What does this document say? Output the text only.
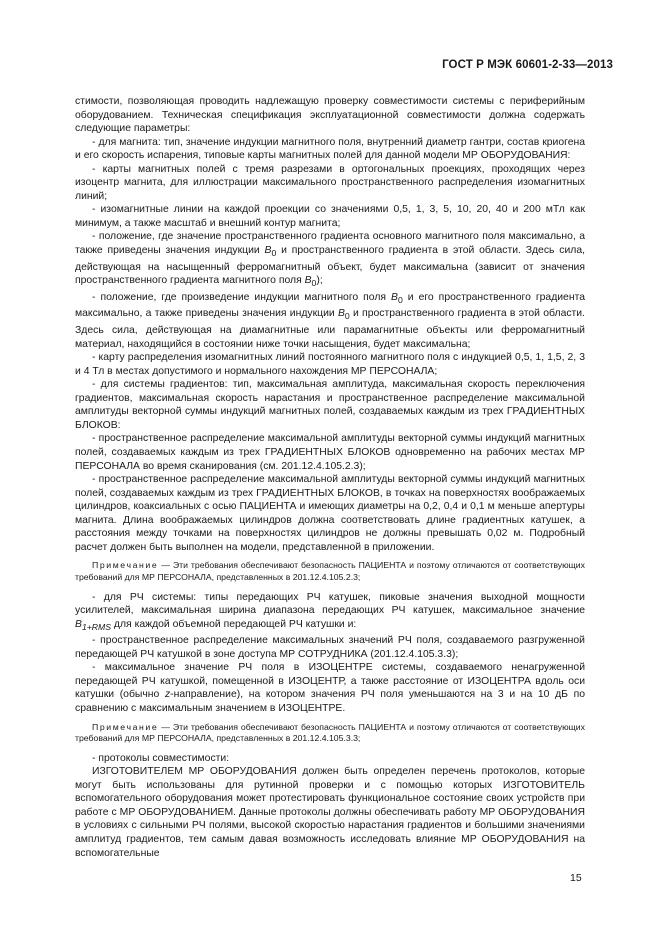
ГОСТ Р МЭК 60601-2-33—2013

стимости, позволяющая проводить надлежащую проверку совместимости системы с периферийным оборудованием. Техническая спецификация эксплуатационной совместимости должна содержать следующие параметры:

- для магнита: тип, значение индукции магнитного поля, внутренний диаметр гантри, состав криогена и его скорость испарения, типовые карты магнитных полей для данной модели МР ОБОРУДОВАНИЯ:

- карты магнитных полей с тремя разрезами в ортогональных проекциях, проходящих через изоцентр магнита, для иллюстрации максимального пространственного распределения изомагнитных линий;

- изомагнитные линии на каждой проекции со значениями 0,5, 1, 3, 5, 10, 20, 40 и 200 мТл как минимум, а также масштаб и внешний контур магнита;

- положение, где значение пространственного градиента основного магнитного поля максимально, а также приведены значения индукции $B_0$ и пространственного градиента в этой области. Здесь сила, действующая на насыщенный ферромагнитный объект, будет максимальна (зависит от значения пространственного градиента магнитного поля $B_0$);

- положение, где произведение индукции магнитного поля $B_0$ и его пространственного градиента максимально, а также приведены значения индукции $B_0$ и пространственного градиента в этой области. Здесь сила, действующая на диамагнитные или парамагнитные объекты или ферромагнитный материал, находящийся в состоянии ниже точки насыщения, будет максимальна;

- карту распределения изомагнитных линий постоянного магнитного поля с индукцией 0,5, 1, 1,5, 2, 3 и 4 Тл в местах допустимого и нормального нахождения МР ПЕРСОНАЛА;

- для системы градиентов: тип, максимальная амплитуда, максимальная скорость переключения градиентов, максимальная скорость нарастания и пространственное распределение максимальной амплитуды векторной суммы индукций магнитных полей, создаваемых каждым из трех ГРАДИЕНТНЫХ БЛОКОВ:

- пространственное распределение максимальной амплитуды векторной суммы индукций магнитных полей, создаваемых каждым из трех ГРАДИЕНТНЫХ БЛОКОВ одновременно на рабочих местах МР ПЕРСОНАЛА во время сканирования (см. 201.12.4.105.2.3);

- пространственное распределение максимальной амплитуды векторной суммы индукций магнитных полей, создаваемых каждым из трех ГРАДИЕНТНЫХ БЛОКОВ, в точках на поверхностях воображаемых цилиндров, коаксиальных с осью ПАЦИЕНТА и имеющих диаметры на 0,2, 0,4 и 0,1 м меньше апертуры магнита. Длина воображаемых цилиндров должна соответствовать длине градиентных катушек, а расстояния между точками на поверхностях цилиндров не должны превышать 0,02 м. Подробный расчет должен быть выполнен на модели, представленной в приложении.

Примечание — Эти требования обеспечивают безопасность ПАЦИЕНТА и поэтому отличаются от соответствующих требований для МР ПЕРСОНАЛА, представленных в 201.12.4.105.2.3;

- для РЧ системы: типы передающих РЧ катушек, пиковые значения выходной мощности усилителей, максимальная ширина диапазона передающих РЧ катушек, максимальное значение $B_{1+RMS}$ для каждой объемной передающей РЧ катушки и:

- пространственное распределение максимальных значений РЧ поля, создаваемого разгруженной передающей РЧ катушкой в зоне доступа МР СОТРУДНИКА (201.12.4.105.3.3);

- максимальное значение РЧ поля в ИЗОЦЕНТРЕ системы, создаваемого ненагруженной передающей РЧ катушкой, помещенной в ИЗОЦЕНТР, а также расстояние от ИЗОЦЕНТРА вдоль оси катушки (обычно z-направление), на котором значения РЧ поля уменьшаются на 3 и на 10 дБ по сравнению с максимальным значением в ИЗОЦЕНТРЕ.

Примечание — Эти требования обеспечивают безопасность ПАЦИЕНТА и поэтому отличаются от соответствующих требований для МР ПЕРСОНАЛА, представленных в 201.12.4.105.3.3;

- протоколы совместимости:

ИЗГОТОВИТЕЛЕМ МР ОБОРУДОВАНИЯ должен быть определен перечень протоколов, которые могут быть использованы для рутинной проверки и с помощью которых ИЗГОТОВИТЕЛЬ вспомогательного оборудования может протестировать функциональное состояние своих устройств при работе с МР ОБОРУДОВАНИЕМ. Данные протоколы должны обеспечивать работу МР ОБОРУДОВАНИЯ в условиях с сильными РЧ полями, высокой скоростью нарастания градиентов и большими значениями амплитуд градиентов, тем самым давая возможность исследовать влияние МР ОБОРУДОВАНИЯ на вспомогательные

15
